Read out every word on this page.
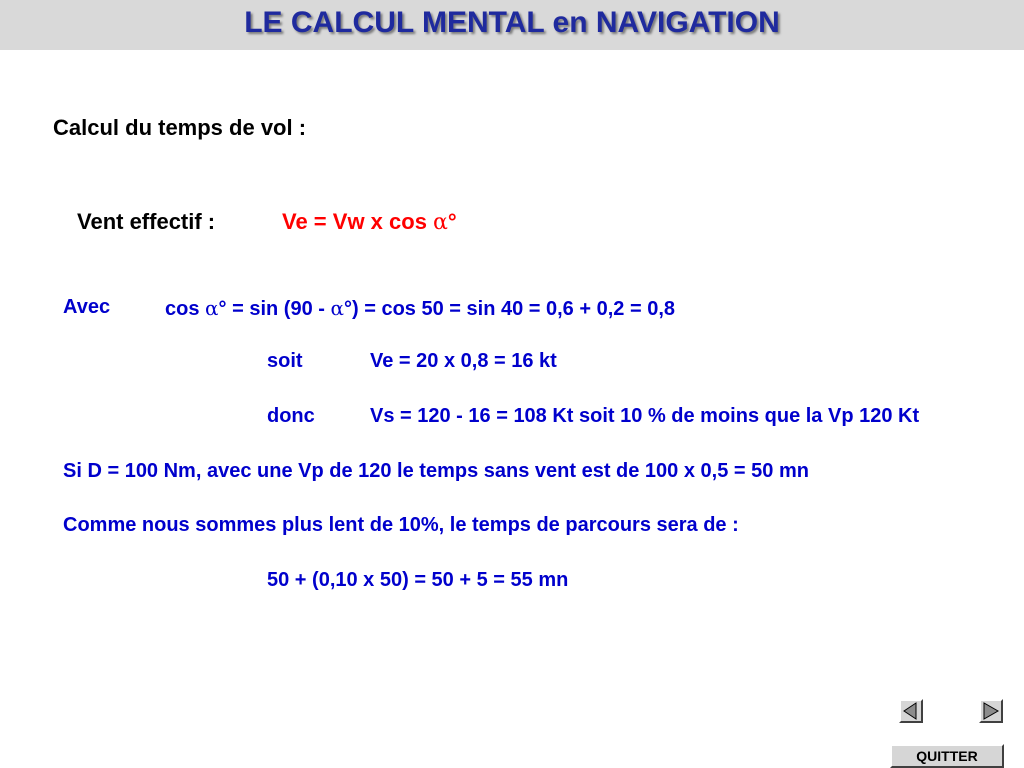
LE CALCUL MENTAL en NAVIGATION
Calcul du temps de vol :
Vent effectif :	Ve = Vw x cos α°
Avec	cos α° = sin (90 - α°) = cos 50 = sin 40 = 0,6 + 0,2 = 0,8
soit	Ve = 20 x 0,8 = 16 kt
donc	Vs = 120 - 16 = 108 Kt soit 10 % de moins que la Vp 120 Kt
Si D = 100 Nm, avec une Vp de 120 le temps sans vent est de 100 x 0,5 = 50 mn
Comme nous sommes plus lent de 10%, le temps de parcours sera de :
50 + (0,10 x 50) = 50 + 5 = 55 mn
QUITTER
